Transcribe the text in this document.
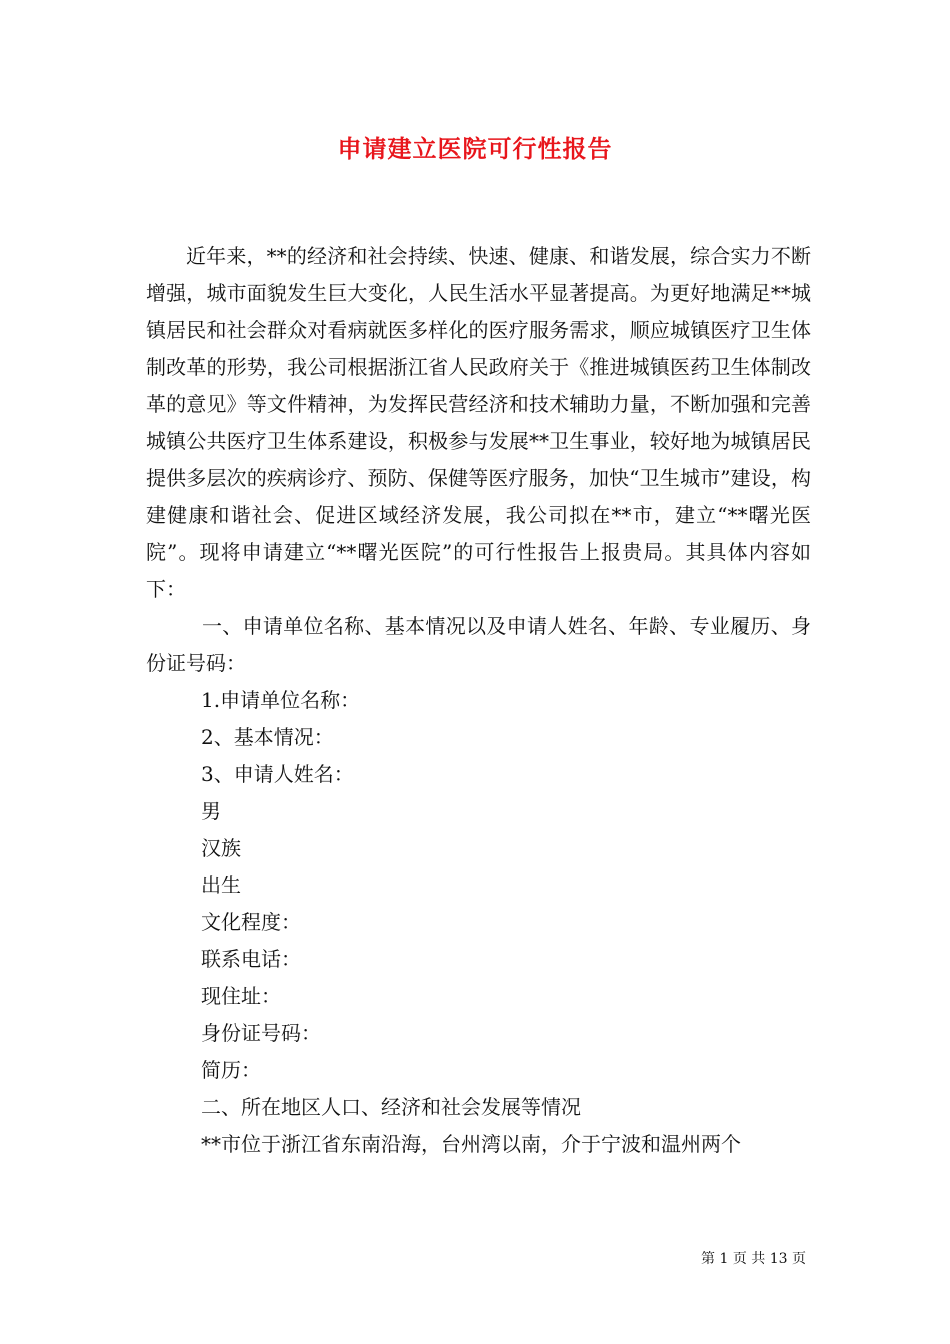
申请建立医院可行性报告

近年来，**的经济和社会持续、快速、健康、和谐发展，综合实力不断增强，城市面貌发生巨大变化，人民生活水平显著提高。为更好地满足**城镇居民和社会群众对看病就医多样化的医疗服务需求，顺应城镇医疗卫生体制改革的形势，我公司根据浙江省人民政府关于《推进城镇医药卫生体制改革的意见》等文件精神，为发挥民营经济和技术辅助力量，不断加强和完善城镇公共医疗卫生体系建设，积极参与发展**卫生事业，较好地为城镇居民提供多层次的疾病诊疗、预防、保健等医疗服务，加快“卫生城市”建设，构建健康和谐社会、促进区域经济发展，我公司拟在**市，建立“**曙光医院”。现将申请建立“**曙光医院”的可行性报告上报贵局。其具体内容如下：

一、申请单位名称、基本情况以及申请人姓名、年龄、专业履历、身份证号码：

1.申请单位名称：

2、基本情况：

3、申请人姓名：

男

汉族

出生

文化程度：

联系电话：

现住址：

身份证号码：

简历：

二、所在地区人口、经济和社会发展等情况

**市位于浙江省东南沿海，台州湾以南，介于宁波和温州两个

第 1 页 共 13 页
